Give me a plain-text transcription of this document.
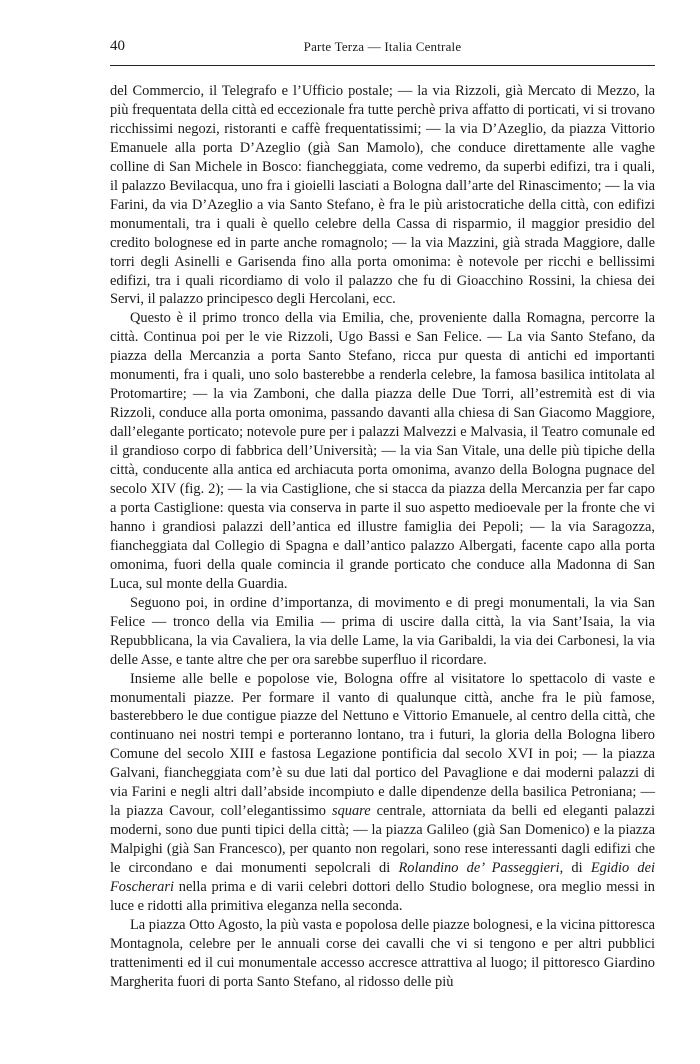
40	Parte Terza — Italia Centrale

del Commercio, il Telegrafo e l’Ufficio postale; — la via Rizzoli, già Mercato di Mezzo, la più frequentata della città ed eccezionale fra tutte perchè priva affatto di porticati, vi si trovano ricchissimi negozi, ristoranti e caffè frequentatissimi; — la via D’Azeglio, da piazza Vittorio Emanuele alla porta D’Azeglio (già San Mamolo), che conduce direttamente alle vaghe colline di San Michele in Bosco: fiancheggiata, come vedremo, da superbi edifizi, tra i quali, il palazzo Bevilacqua, uno fra i gioielli lasciati a Bologna dall’arte del Rinascimento; — la via Farini, da via D’Azeglio a via Santo Stefano, è fra le più aristocratiche della città, con edifizi monumentali, tra i quali è quello celebre della Cassa di risparmio, il maggior presidio del credito bolognese ed in parte anche romagnolo; — la via Mazzini, già strada Maggiore, dalle torri degli Asinelli e Garisenda fino alla porta omonima: è notevole per ricchi e bellissimi edifizi, tra i quali ricordiamo di volo il palazzo che fu di Gioacchino Rossini, la chiesa dei Servi, il palazzo principesco degli Hercolani, ecc.

Questo è il primo tronco della via Emilia, che, proveniente dalla Romagna, percorre la città. Continua poi per le vie Rizzoli, Ugo Bassi e San Felice. — La via Santo Stefano, da piazza della Mercanzia a porta Santo Stefano, ricca pur questa di antichi ed importanti monumenti, fra i quali, uno solo basterebbe a renderla celebre, la famosa basilica intitolata al Protomartire; — la via Zamboni, che dalla piazza delle Due Torri, all’estremità est di via Rizzoli, conduce alla porta omonima, passando davanti alla chiesa di San Giacomo Maggiore, dall’elegante porticato; notevole pure per i palazzi Malvezzi e Malvasia, il Teatro comunale ed il grandioso corpo di fabbrica dell’Università; — la via San Vitale, una delle più tipiche della città, conducente alla antica ed archiacuta porta omonima, avanzo della Bologna pugnace del secolo XIV (fig. 2); — la via Castiglione, che si stacca da piazza della Mercanzia per far capo a porta Castiglione: questa via conserva in parte il suo aspetto medioevale per la fronte che vi hanno i grandiosi palazzi dell’antica ed illustre famiglia dei Pepoli; — la via Saragozza, fiancheggiata dal Collegio di Spagna e dall’antico palazzo Albergati, facente capo alla porta omonima, fuori della quale comincia il grande porticato che conduce alla Madonna di San Luca, sul monte della Guardia.

Seguono poi, in ordine d’importanza, di movimento e di pregi monumentali, la via San Felice — tronco della via Emilia — prima di uscire dalla città, la via Sant’Isaia, la via Repubblicana, la via Cavaliera, la via delle Lame, la via Garibaldi, la via dei Carbonesi, la via delle Asse, e tante altre che per ora sarebbe superfluo il ricordare.

Insieme alle belle e popolose vie, Bologna offre al visitatore lo spettacolo di vaste e monumentali piazze. Per formare il vanto di qualunque città, anche fra le più famose, basterebbero le due contigue piazze del Nettuno e Vittorio Emanuele, al centro della città, che continuano nei nostri tempi e porteranno lontano, tra i futuri, la gloria della Bologna libero Comune del secolo XIII e fastosa Legazione pontificia dal secolo XVI in poi; — la piazza Galvani, fiancheggiata com’è su due lati dal portico del Pavaglione e dai moderni palazzi di via Farini e negli altri dall’abside incompiuto e dalle dipendenze della basilica Petroniana; — la piazza Cavour, coll’elegantissimo square centrale, attorniata da belli ed eleganti palazzi moderni, sono due punti tipici della città; — la piazza Galileo (già San Domenico) e la piazza Malpighi (già San Francesco), per quanto non regolari, sono rese interessanti dagli edifizi che le circondano e dai monumenti sepolcrali di Rolandino de’ Passeggieri, di Egidio dei Foscherari nella prima e di varii celebri dottori dello Studio bolognese, ora meglio messi in luce e ridotti alla primitiva eleganza nella seconda.

La piazza Otto Agosto, la più vasta e popolosa delle piazze bolognesi, e la vicina pittoresca Montagnola, celebre per le annuali corse dei cavalli che vi si tengono e per altri pubblici trattenimenti ed il cui monumentale accesso accresce attrattiva al luogo; il pittoresco Giardino Margherita fuori di porta Santo Stefano, al ridosso delle più
